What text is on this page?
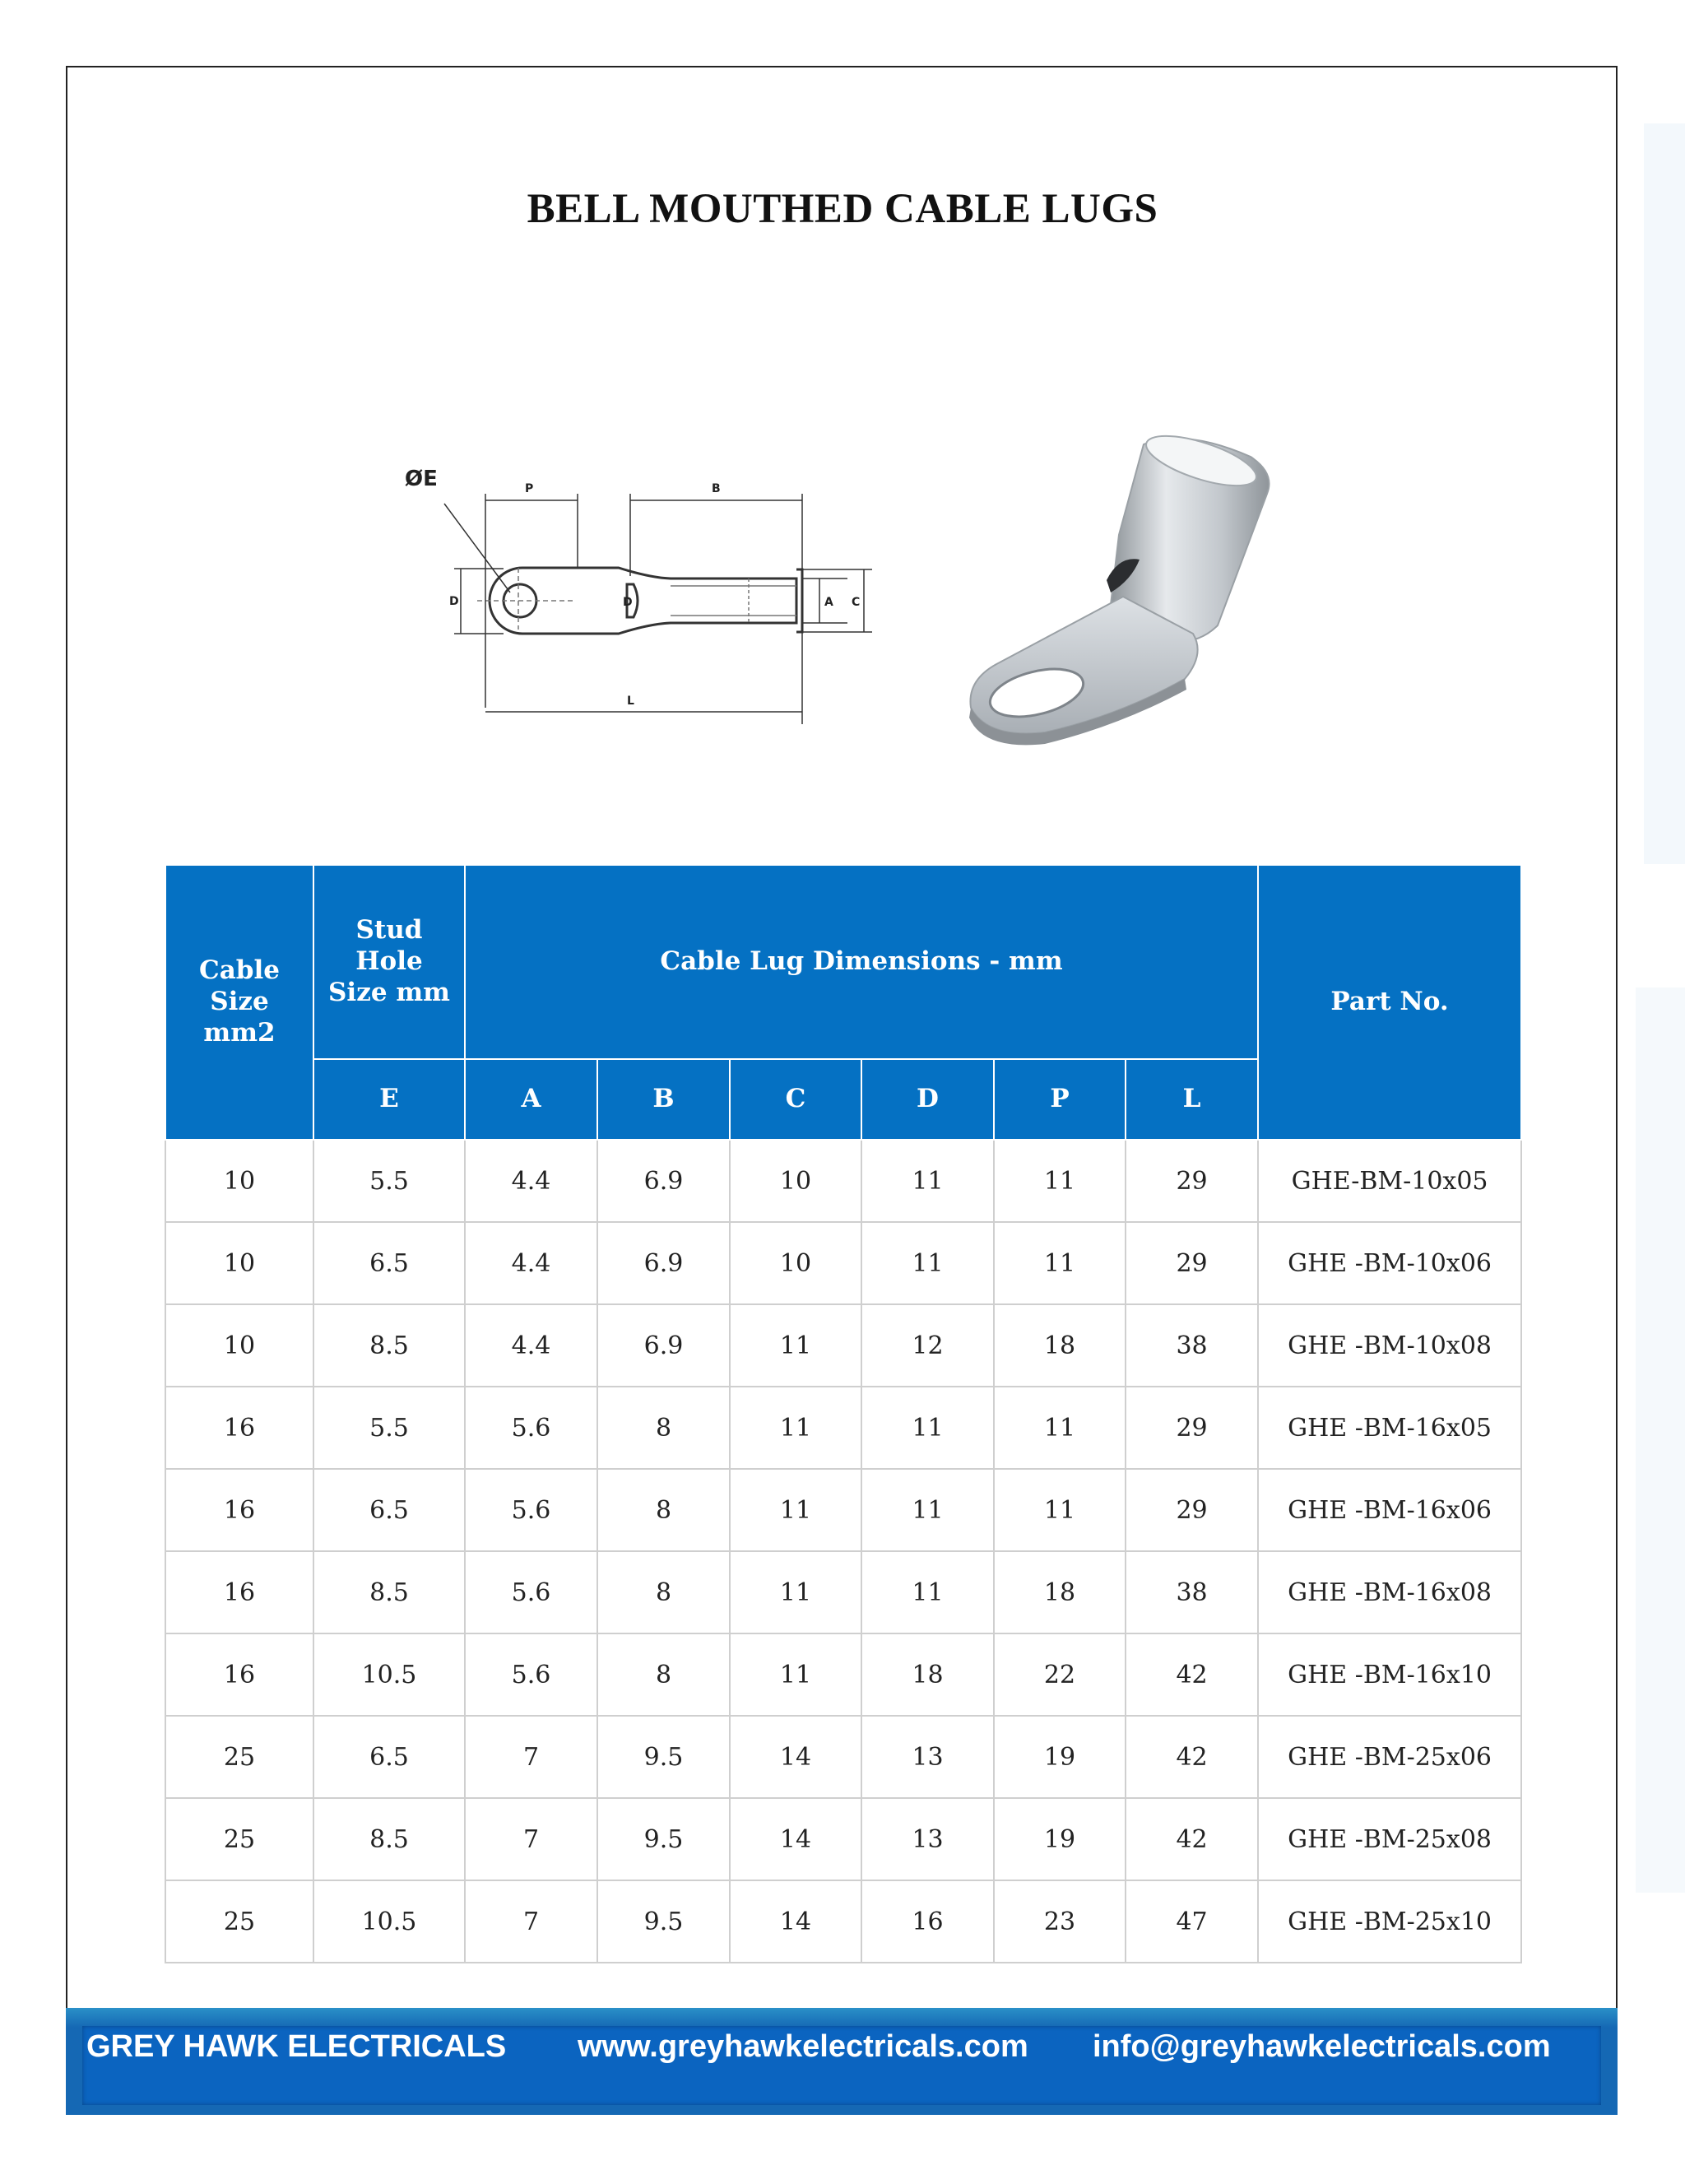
BELL MOUTHED CABLE LUGS
ØE	P	B
D	D	A C
L
Cable Size mm2	Stud Hole Size mm	Cable Lug Dimensions - mm						Part No.
	E	A	B	C	D	P	L	
10	5.5	4.4	6.9	10	11	11	29	GHE-BM-10x05
10	6.5	4.4	6.9	10	11	11	29	GHE -BM-10x06
10	8.5	4.4	6.9	11	12	18	38	GHE -BM-10x08
16	5.5	5.6	8	11	11	11	29	GHE -BM-16x05
16	6.5	5.6	8	11	11	11	29	GHE -BM-16x06
16	8.5	5.6	8	11	11	18	38	GHE -BM-16x08
16	10.5	5.6	8	11	18	22	42	GHE -BM-16x10
25	6.5	7	9.5	14	13	19	42	GHE -BM-25x06
25	8.5	7	9.5	14	13	19	42	GHE -BM-25x08
25	10.5	7	9.5	14	16	23	47	GHE -BM-25x10
GREY HAWK ELECTRICALS www.greyhawkelectricals.com info@greyhawkelectricals.com
